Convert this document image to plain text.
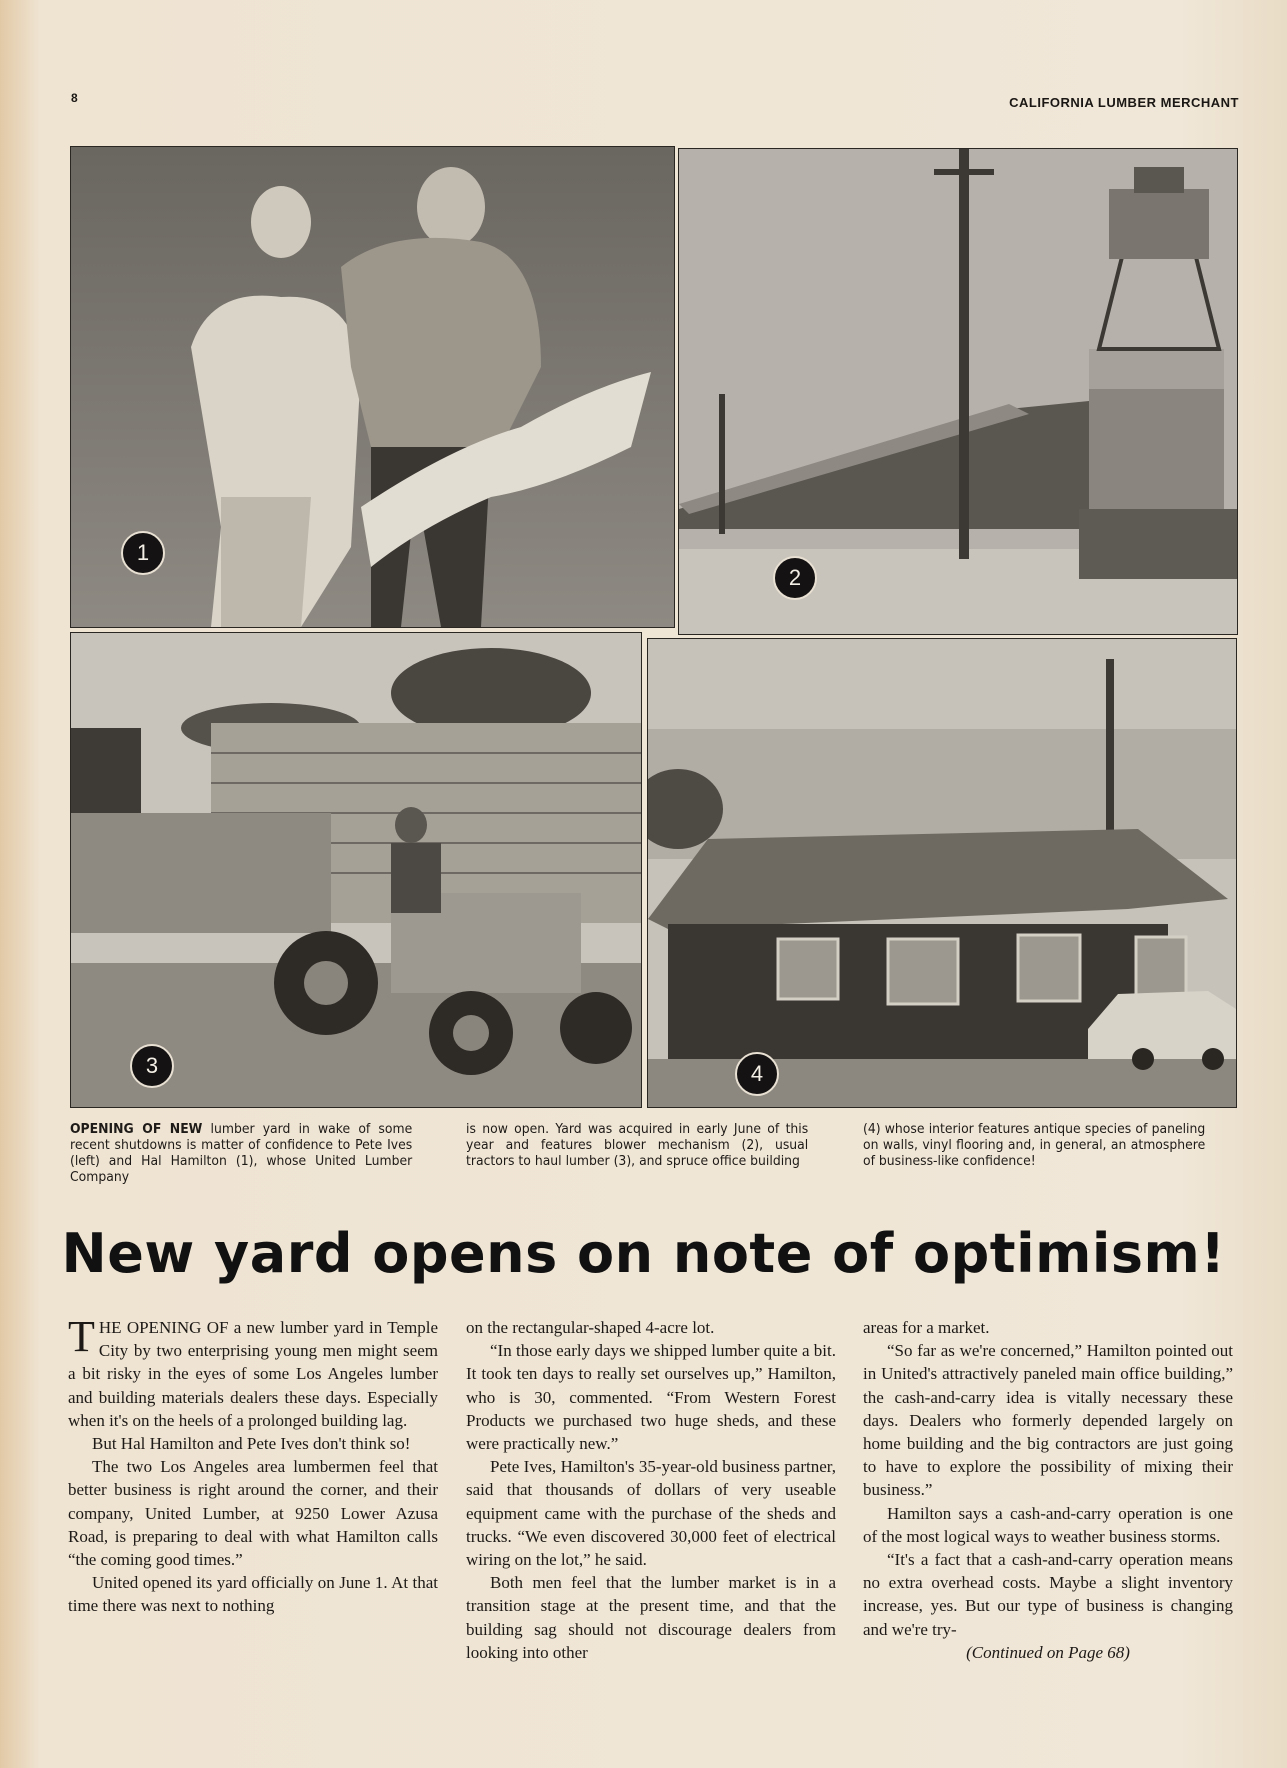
8	CALIFORNIA LUMBER MERCHANT
1
2
3	4
OPENING OF NEW lumber yard in wake of some recent shutdowns is matter of confidence to Pete Ives (left) and Hal Hamilton (1), whose United Lumber Company
is now open. Yard was acquired in early June of this year and features blower mechanism (2), usual tractors to haul lumber (3), and spruce office building
(4) whose interior features antique species of paneling on walls, vinyl flooring and, in general, an atmosphere of business-like confidence!
New yard opens on note of optimism!

THE OPENING OF a new lumber yard in Temple City by two enterprising young men might seem a bit risky in the eyes of some Los Angeles lumber and building materials dealers these days. Especially when it's on the heels of a prolonged building lag.

But Hal Hamilton and Pete Ives don't think so!

The two Los Angeles area lumbermen feel that better business is right around the corner, and their company, United Lumber, at 9250 Lower Azusa Road, is preparing to deal with what Hamilton calls “the coming good times.”

United opened its yard officially on June 1. At that time there was next to nothing

on the rectangular-shaped 4-acre lot.

“In those early days we shipped lumber quite a bit. It took ten days to really set ourselves up,” Hamilton, who is 30, commented. “From Western Forest Products we purchased two huge sheds, and these were practically new.”

Pete Ives, Hamilton's 35-year-old business partner, said that thousands of dollars of very useable equipment came with the purchase of the sheds and trucks. “We even discovered 30,000 feet of electrical wiring on the lot,” he said.

Both men feel that the lumber market is in a transition stage at the present time, and that the building sag should not discourage dealers from looking into other

areas for a market.

“So far as we're concerned,” Hamilton pointed out in United's attractively paneled main office building,” the cash-and-carry idea is vitally necessary these days. Dealers who formerly depended largely on home building and the big contractors are just going to have to explore the possibility of mixing their business.”

Hamilton says a cash-and-carry operation is one of the most logical ways to weather business storms.

“It's a fact that a cash-and-carry operation means no extra overhead costs. Maybe a slight inventory increase, yes. But our type of business is changing and we're try-

(Continued on Page 68)
